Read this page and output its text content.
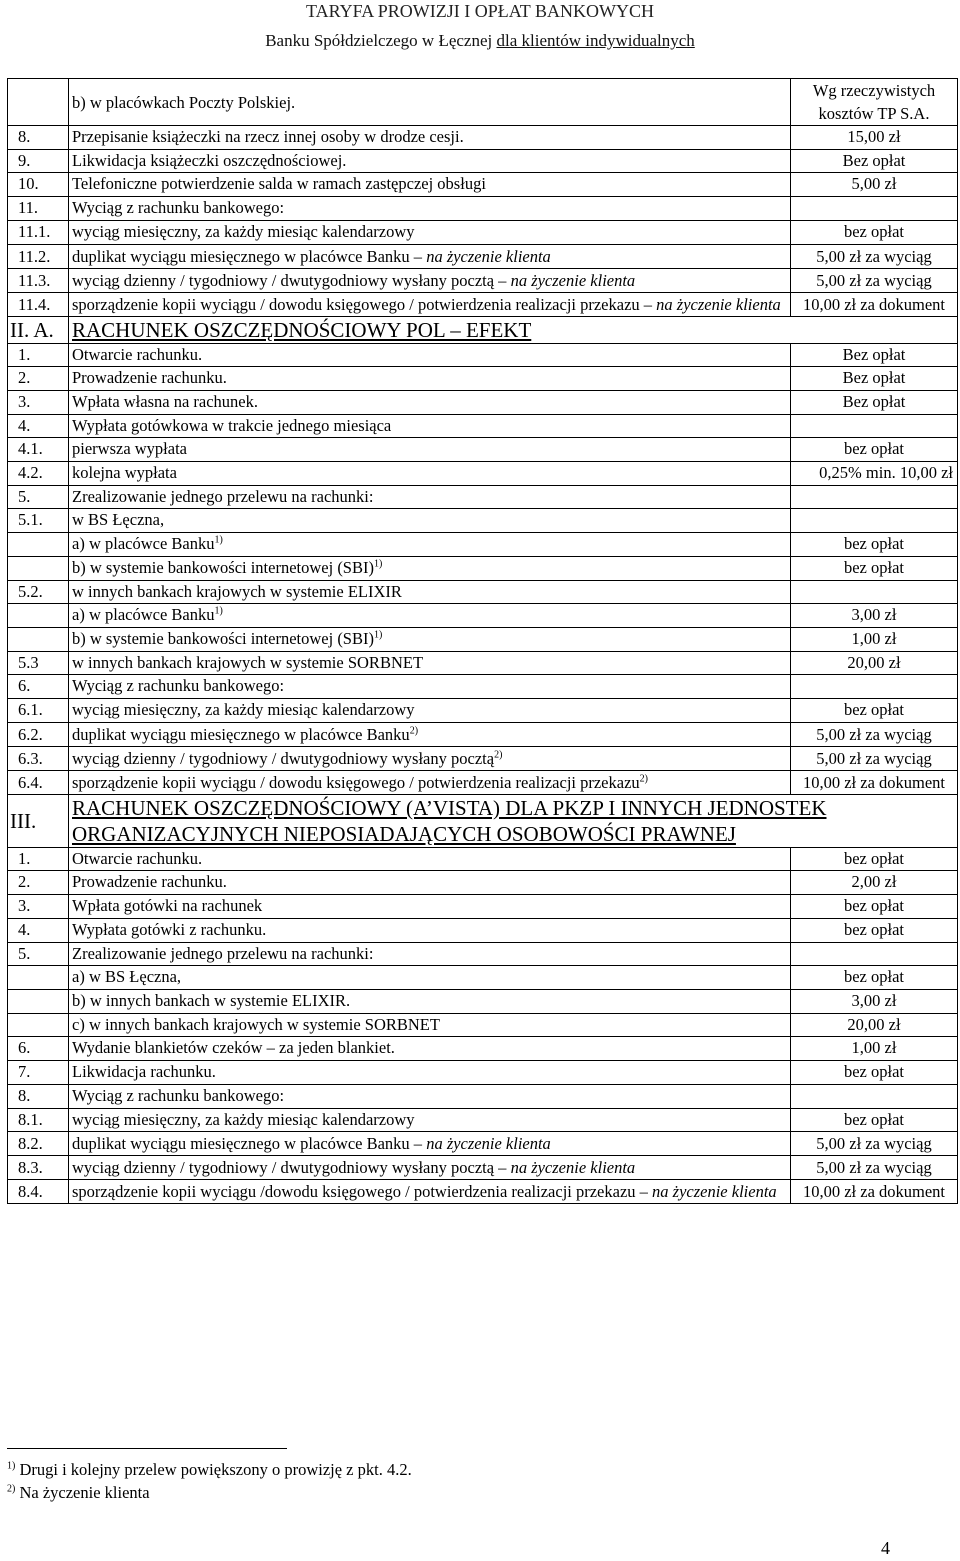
TARYFA PROWIZJI I OPŁAT BANKOWYCH
Banku Spółdzielczego w Łęcznej dla klientów indywidualnych
	b) w placówkach Poczty Polskiej.	Wg rzeczywistych kosztów TP S.A.
8.	Przepisanie książeczki na rzecz innej osoby w drodze cesji.	15,00 zł
9.	Likwidacja książeczki oszczędnościowej.	Bez opłat
10.	Telefoniczne potwierdzenie salda w ramach zastępczej obsługi	5,00 zł
11.	Wyciąg z rachunku bankowego:	
11.1.	wyciąg miesięczny, za każdy miesiąc kalendarzowy	bez opłat
11.2.	duplikat wyciągu miesięcznego w placówce Banku – na życzenie klienta	5,00 zł za wyciąg
11.3.	wyciąg dzienny / tygodniowy / dwutygodniowy wysłany pocztą – na życzenie klienta	5,00 zł za wyciąg
11.4.	sporządzenie kopii wyciągu / dowodu księgowego / potwierdzenia realizacji przekazu – na życzenie klienta	10,00 zł za dokument
II. A.	RACHUNEK OSZCZĘDNOŚCIOWY POL – EFEKT	
1.	Otwarcie rachunku.	Bez opłat
2.	Prowadzenie rachunku.	Bez opłat
3.	Wpłata własna na rachunek.	Bez opłat
4.	Wypłata gotówkowa w trakcie jednego miesiąca	
4.1.	pierwsza wypłata	bez opłat
4.2.	kolejna wypłata	0,25% min. 10,00 zł
5.	Zrealizowanie jednego przelewu na rachunki:	
5.1.	w BS Łęczna,	
	a) w placówce Banku$^{1)}$	bez opłat
	b) w systemie bankowości internetowej (SBI)$^{1)}$	bez opłat
5.2.	w innych bankach krajowych w systemie ELIXIR	
	a) w placówce Banku$^{1)}$	3,00 zł
	b) w systemie bankowości internetowej (SBI)$^{1)}$	1,00 zł
5.3	w innych bankach krajowych w systemie SORBNET	20,00 zł
6.	Wyciąg z rachunku bankowego:	
6.1.	wyciąg miesięczny, za każdy miesiąc kalendarzowy	bez opłat
6.2.	duplikat wyciągu miesięcznego w placówce Banku$^{2)}$	5,00 zł za wyciąg
6.3.	wyciąg dzienny / tygodniowy / dwutygodniowy wysłany pocztą$^{2)}$	5,00 zł za wyciąg
6.4.	sporządzenie kopii wyciągu / dowodu księgowego / potwierdzenia realizacji przekazu$^{2)}$	10,00 zł za dokument
III.	RACHUNEK OSZCZĘDNOŚCIOWY (A’VISTA) DLA PKZP I INNYCH JEDNOSTEK ORGANIZACYJNYCH NIEPOSIADAJĄCYCH OSOBOWOŚCI PRAWNEJ	
1.	Otwarcie rachunku.	bez opłat
2.	Prowadzenie rachunku.	2,00 zł
3.	Wpłata gotówki na rachunek	bez opłat
4.	Wypłata gotówki z rachunku.	bez opłat
5.	Zrealizowanie jednego przelewu na rachunki:	
	a) w BS Łęczna,	bez opłat
	b) w innych bankach w systemie ELIXIR.	3,00 zł
	c) w innych bankach krajowych w systemie SORBNET	20,00 zł
6.	Wydanie blankietów czeków – za jeden blankiet.	1,00 zł
7.	Likwidacja rachunku.	bez opłat
8.	Wyciąg z rachunku bankowego:	
8.1.	wyciąg miesięczny, za każdy miesiąc kalendarzowy	bez opłat
8.2.	duplikat wyciągu miesięcznego w placówce Banku – na życzenie klienta	5,00 zł za wyciąg
8.3.	wyciąg dzienny / tygodniowy / dwutygodniowy wysłany pocztą – na życzenie klienta	5,00 zł za wyciąg
8.4.	sporządzenie kopii wyciągu /dowodu księgowego / potwierdzenia realizacji przekazu – na życzenie klienta	10,00 zł za dokument
$^{1)}$ Drugi i kolejny przelew powiększony o prowizję z pkt. 4.2.
$^{2)}$ Na życzenie klienta
4
